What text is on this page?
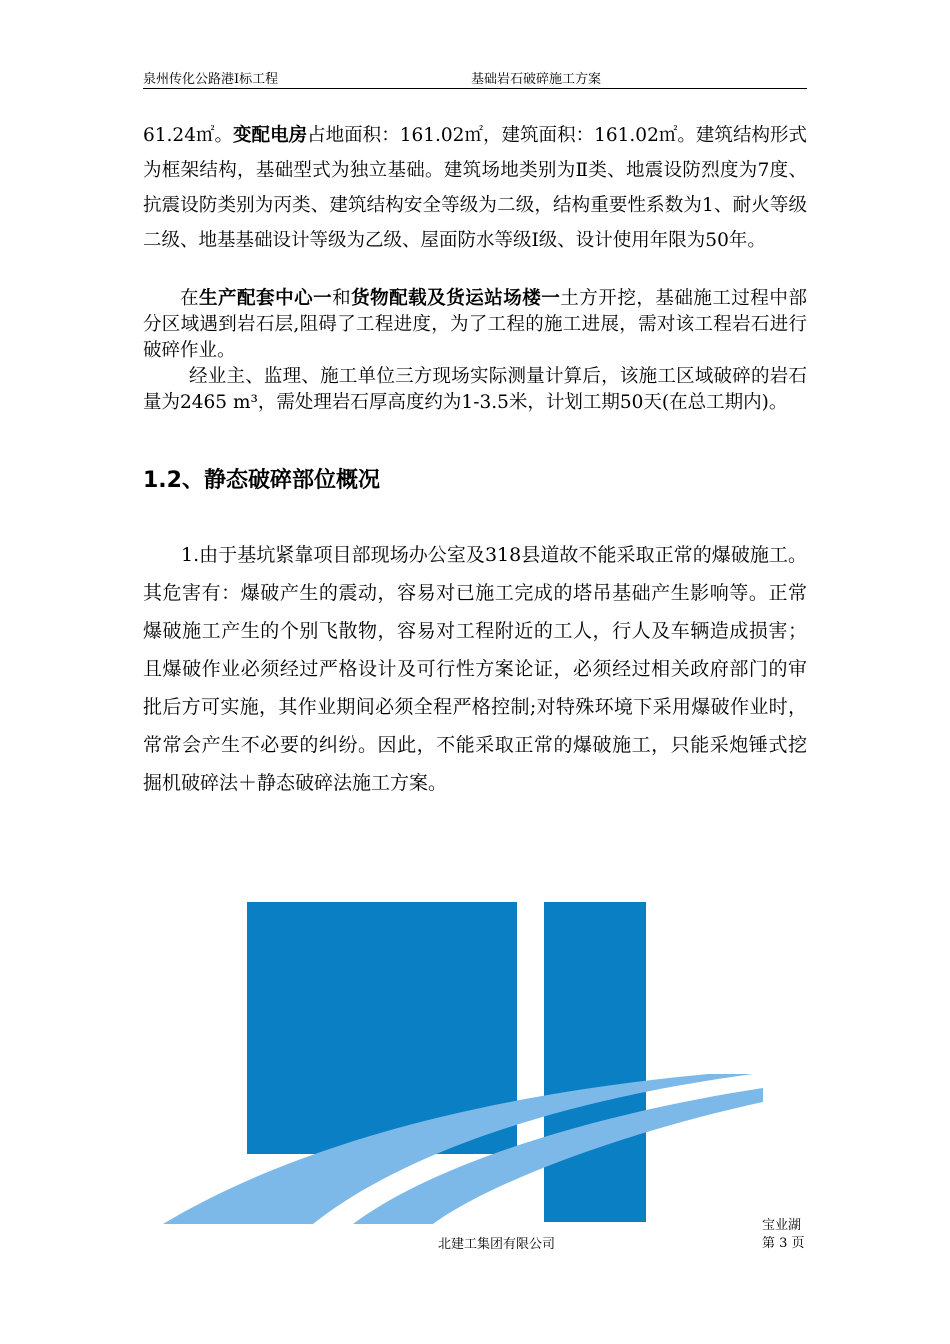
泉州传化公路港Ⅰ标工程	基础岩石破碎施工方案

61.24㎡。变配电房占地面积：161.02㎡，建筑面积：161.02㎡。建筑结构形式为框架结构，基础型式为独立基础。建筑场地类别为Ⅱ类、地震设防烈度为7度、抗震设防类别为丙类、建筑结构安全等级为二级，结构重要性系数为1、耐火等级二级、地基基础设计等级为乙级、屋面防水等级Ⅰ级、设计使用年限为50年。

在生产配套中心一和货物配载及货运站场楼一土方开挖，基础施工过程中部分区域遇到岩石层,阻碍了工程进度，为了工程的施工进展，需对该工程岩石进行破碎作业。

经业主、监理、施工单位三方现场实际测量计算后，该施工区域破碎的岩石量为2465 m³，需处理岩石厚高度约为1-3.5米，计划工期50天(在总工期内)。

1.2、静态破碎部位概况

1.由于基坑紧靠项目部现场办公室及318县道故不能采取正常的爆破施工。其危害有：爆破产生的震动，容易对已施工完成的塔吊基础产生影响等。正常爆破施工产生的个别飞散物，容易对工程附近的工人，行人及车辆造成损害；且爆破作业必须经过严格设计及可行性方案论证，必须经过相关政府部门的审批后方可实施，其作业期间必须全程严格控制;对特殊环境下采用爆破作业时，常常会产生不必要的纠纷。因此，不能采取正常的爆破施工，只能采炮锤式挖掘机破碎法＋静态破碎法施工方案。

北建工集团有限公司
宝业湖
第 3 页
